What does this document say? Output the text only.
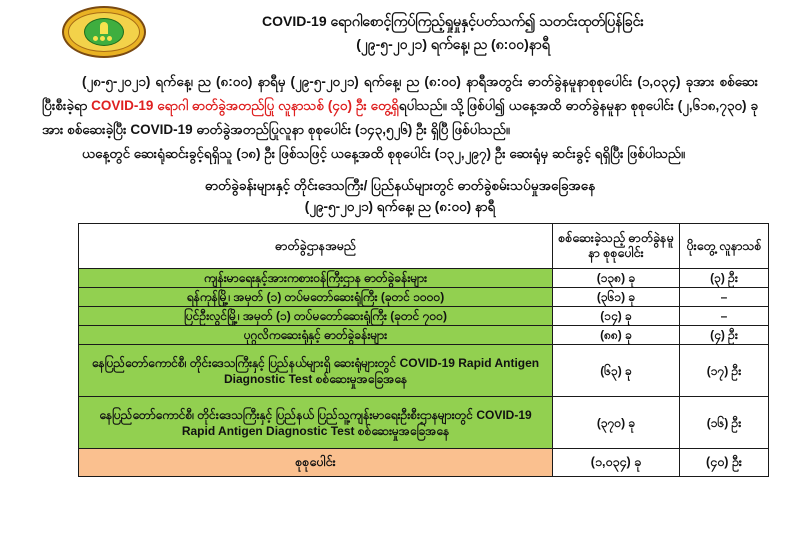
COVID-19 ရောဂါစောင့်ကြပ်ကြည့်ရှုမှုနှင့်ပတ်သက်၍ သတင်းထုတ်ပြန်ခြင်း
(၂၉-၅-၂၀၂၁) ရက်နေ့၊ ည (၈:၀၀)နာရီ

(၂၈-၅-၂၀၂၁) ရက်နေ့၊ ည (၈:၀၀) နာရီမှ (၂၉-၅-၂၀၂၁) ရက်နေ့၊ ည (၈:၀၀) နာရီအတွင်း ဓာတ်ခွဲနမူနာစုစုပေါင်း (၁,၀၃၄) ခုအား စစ်ဆေးပြီးစီးခဲ့ရာ COVID-19 ရောဂါ ဓာတ်ခွဲအတည်ပြု လူနာသစ် (၄၀) ဦး တွေ့ရှိရပါသည်။ သို့ဖြစ်ပါ၍ ယနေ့အထိ ဓာတ်ခွဲနမူနာ စုစုပေါင်း (၂,၆၁၈,၇၃၀) ခုအား စစ်ဆေးခဲ့ပြီး COVID-19 ဓာတ်ခွဲအတည်ပြုလူနာ စုစုပေါင်း (၁၄၃,၅၂၆) ဦး ရှိပြီ ဖြစ်ပါသည်။

ယနေ့တွင် ဆေးရုံဆင်းခွင့်ရရှိသူ (၁၈) ဦး ဖြစ်သဖြင့် ယနေ့အထိ စုစုပေါင်း (၁၃၂,၂၉၇) ဦး ဆေးရုံမှ ဆင်းခွင့် ရရှိပြီး ဖြစ်ပါသည်။

ဓာတ်ခွဲခန်းများနှင့် တိုင်းဒေသကြီး/ ပြည်နယ်များတွင် ဓာတ်ခွဲစမ်းသပ်မှုအခြေအနေ
(၂၉-၅-၂၀၂၁) ရက်နေ့၊ ည (၈:၀၀) နာရီ
ဓာတ်ခွဲဌာနအမည်	စစ်ဆေးခဲ့သည့် ဓာတ်ခွဲနမူနာ စုစုပေါင်း	ပိုးတွေ့ လူနာသစ်
ကျန်းမာရေးနှင့်အားကစားဝန်ကြီးဌာန ဓာတ်ခွဲခန်းများ	(၁၃၈) ခု	(၃) ဦး
ရန်ကုန်မြို့၊ အမှတ် (၁) တပ်မတော်ဆေးရုံကြီး (ခုတင် ၁၀၀၀)	(၃၆၁) ခု	–
ပြင်ဦးလွင်မြို့၊ အမှတ် (၁) တပ်မတော်ဆေးရုံကြီး (ခုတင် ၇၀၀)	(၁၄) ခု	–
ပုဂ္ဂလိကဆေးရုံနှင့် ဓာတ်ခွဲခန်းများ	(၈၈) ခု	(၄) ဦး
နေပြည်တော်ကောင်စီ၊ တိုင်းဒေသကြီးနှင့် ပြည်နယ်များရှိ ဆေးရုံများတွင် COVID-19 Rapid Antigen Diagnostic Test စစ်ဆေးမှုအခြေအနေ	(၆၃) ခု	(၁၇) ဦး
နေပြည်တော်ကောင်စီ၊ တိုင်းဒေသကြီးနှင့် ပြည်နယ် ပြည်သူ့ကျန်းမာရေးဦးစီးဌာနများတွင် COVID-19 Rapid Antigen Diagnostic Test စစ်ဆေးမှုအခြေအနေ	(၃၇၀) ခု	(၁၆) ဦး
စုစုပေါင်း	(၁,၀၃၄) ခု	(၄၀) ဦး
